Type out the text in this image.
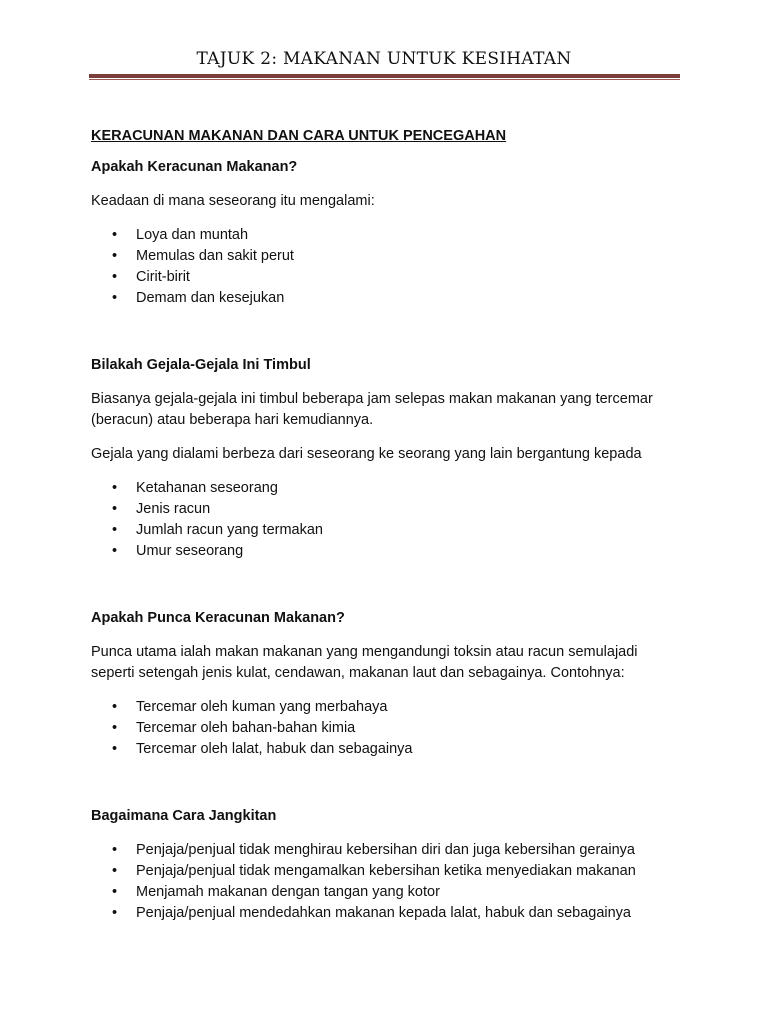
TAJUK 2: MAKANAN UNTUK KESIHATAN
KERACUNAN MAKANAN DAN CARA UNTUK PENCEGAHAN
Apakah Keracunan Makanan?
Keadaan di mana seseorang itu mengalami:
• Loya dan muntah
• Memulas dan sakit perut
• Cirit-birit
• Demam dan kesejukan
Bilakah Gejala-Gejala Ini Timbul
Biasanya gejala-gejala ini timbul beberapa jam selepas makan makanan yang tercemar
(beracun) atau beberapa hari kemudiannya.
Gejala yang dialami berbeza dari seseorang ke seorang yang lain bergantung kepada
• Ketahanan seseorang
• Jenis racun
• Jumlah racun yang termakan
• Umur seseorang
Apakah Punca Keracunan Makanan?
Punca utama ialah makan makanan yang mengandungi toksin atau racun semulajadi
seperti setengah jenis kulat, cendawan, makanan laut dan sebagainya. Contohnya:
• Tercemar oleh kuman yang merbahaya
• Tercemar oleh bahan-bahan kimia
• Tercemar oleh lalat, habuk dan sebagainya
Bagaimana Cara Jangkitan
• Penjaja/penjual tidak menghirau kebersihan diri dan juga kebersihan gerainya
• Penjaja/penjual tidak mengamalkan kebersihan ketika menyediakan makanan
• Menjamah makanan dengan tangan yang kotor
• Penjaja/penjual mendedahkan makanan kepada lalat, habuk dan sebagainya
